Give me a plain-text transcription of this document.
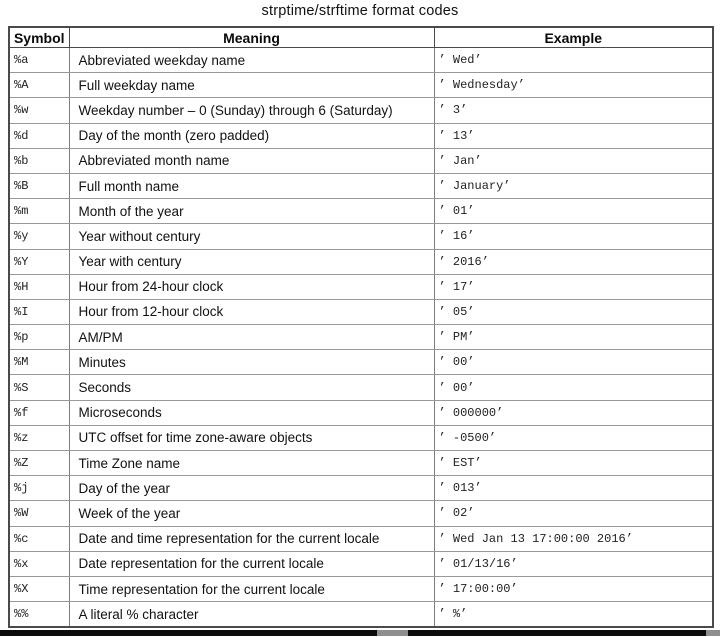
strptime/strftime format codes
Symbol	Meaning	Example
%a	Abbreviated weekday name	’ Wed’
%A	Full weekday name	’ Wednesday’
%w	Weekday number – 0 (Sunday) through 6 (Saturday)	’ 3’
%d	Day of the month (zero padded)	’ 13’
%b	Abbreviated month name	’ Jan’
%B	Full month name	’ January’
%m	Month of the year	’ 01’
%y	Year without century	’ 16’
%Y	Year with century	’ 2016’
%H	Hour from 24-hour clock	’ 17’
%I	Hour from 12-hour clock	’ 05’
%p	AM/PM	’ PM’
%M	Minutes	’ 00’
%S	Seconds	’ 00’
%f	Microseconds	’ 000000’
%z	UTC offset for time zone-aware objects	’ -0500’
%Z	Time Zone name	’ EST’
%j	Day of the year	’ 013’
%W	Week of the year	’ 02’
%c	Date and time representation for the current locale	’ Wed Jan 13 17:00:00 2016’
%x	Date representation for the current locale	’ 01/13/16’
%X	Time representation for the current locale	’ 17:00:00’
%%	A literal % character	’ %’
